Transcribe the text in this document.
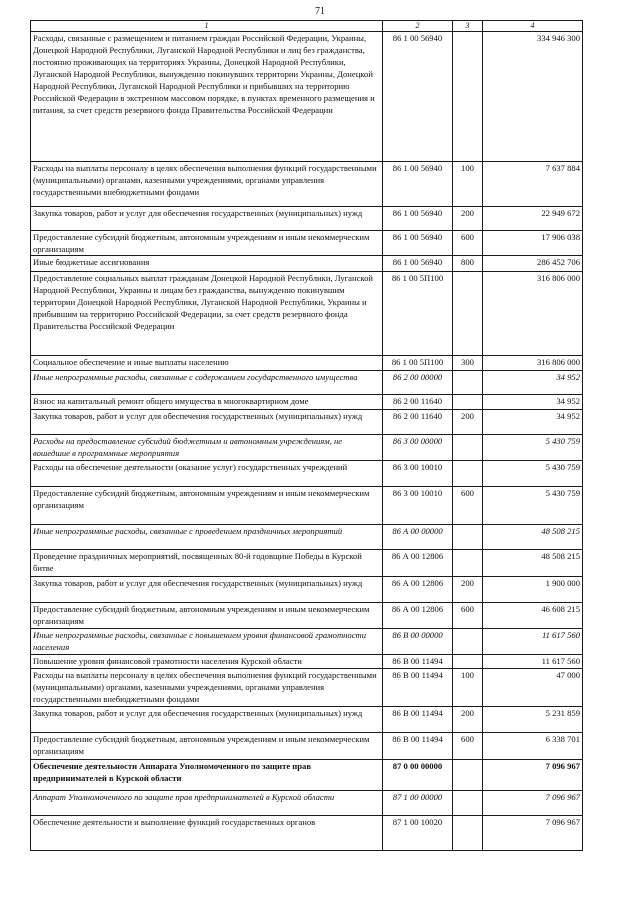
71
1	2	3	4
Расходы, связанные с размещением и питанием граждан Российской Федерации, Украины, Донецкой Народной Республики, Луганской Народной Республики и лиц без гражданства, постоянно проживающих на территориях Украины, Донецкой Народной Республики, Луганской Народной Республики, вынужденно покинувших территории Украины, Донецкой Народной Республики, Луганской Народной Республики и прибывших на территорию Российской Федерации в экстренном массовом порядке, в пунктах временного размещения и питания, за счет средств резервного фонда Правительства Российской Федерации	86 1 00 56940		334 946 300
Расходы на выплаты персоналу в целях обеспечения выполнения функций государственными (муниципальными) органами, казенными учреждениями, органами управления государственными внебюджетными фондами	86 1 00 56940	100	7 637 884
Закупка товаров, работ и услуг для обеспечения государственных (муниципальных) нужд	86 1 00 56940	200	22 949 672
Предоставление субсидий бюджетным, автономным учреждениям и иным некоммерческим организациям	86 1 00 56940	600	17 906 038
Иные бюджетные ассигнования	86 1 00 56940	800	286 452 706
Предоставление социальных выплат гражданам Донецкой Народной Республики, Луганской Народной Республики, Украины и лицам без гражданства, вынужденно покинувшим территории Донецкой Народной Республики, Луганской Народной Республики, Украины и прибывшим на территорию Российской Федерации, за счет средств резервного фонда Правительства Российской Федерации	86 1 00 5П100		316 806 000
Социальное обеспечение и иные выплаты населению	86 1 00 5П100	300	316 806 000
Иные непрограммные расходы, связанные с содержанием государственного имущества	86 2 00 00000		34 952
Взнос на капитальный ремонт общего имущества в многоквартирном доме	86 2 00 11640		34 952
Закупка товаров, работ и услуг для обеспечения государственных (муниципальных) нужд	86 2 00 11640	200	34 952
Расходы на предоставление субсидий бюджетным и автономным учреждениям, не вошедшие в программные мероприятия	86 3 00 00000		5 430 759
Расходы на обеспечение деятельности (оказание услуг) государственных учреждений	86 3 00 10010		5 430 759
Предоставление субсидий бюджетным, автономным учреждениям и иным некоммерческим организациям	86 3 00 10010	600	5 430 759
Иные непрограммные расходы, связанные с проведением праздничных мероприятий	86 А 00 00000		48 508 215
Проведение праздничных мероприятий, посвященных 80-й годовщине Победы в Курской битве	86 А 00 12806		48 508 215
Закупка товаров, работ и услуг для обеспечения государственных (муниципальных) нужд	86 А 00 12806	200	1 900 000
Предоставление субсидий бюджетным, автономным учреждениям и иным некоммерческим организациям	86 А 00 12806	600	46 608 215
Иные непрограммные расходы, связанные с повышением уровня финансовой грамотности населения	86 В 00 00000		11 617 560
Повышение уровня финансовой грамотности населения Курской области	86 В 00 11494		11 617 560
Расходы на выплаты персоналу в целях обеспечения выполнения функций государственными (муниципальными) органами, казенными учреждениями, органами управления государственными внебюджетными фондами	86 В 00 11494	100	47 000
Закупка товаров, работ и услуг для обеспечения государственных (муниципальных) нужд	86 В 00 11494	200	5 231 859
Предоставление субсидий бюджетным, автономным учреждениям и иным некоммерческим организациям	86 В 00 11494	600	6 338 701
Обеспечение деятельности Аппарата Уполномоченного по защите прав предпринимателей в Курской области	87 0 00 00000		7 096 967
Аппарат Уполномоченного по защите прав предпринимателей в Курской области	87 1 00 00000		7 096 967
Обеспечение деятельности и выполнение функций государственных органов	87 1 00 10020		7 096 967
